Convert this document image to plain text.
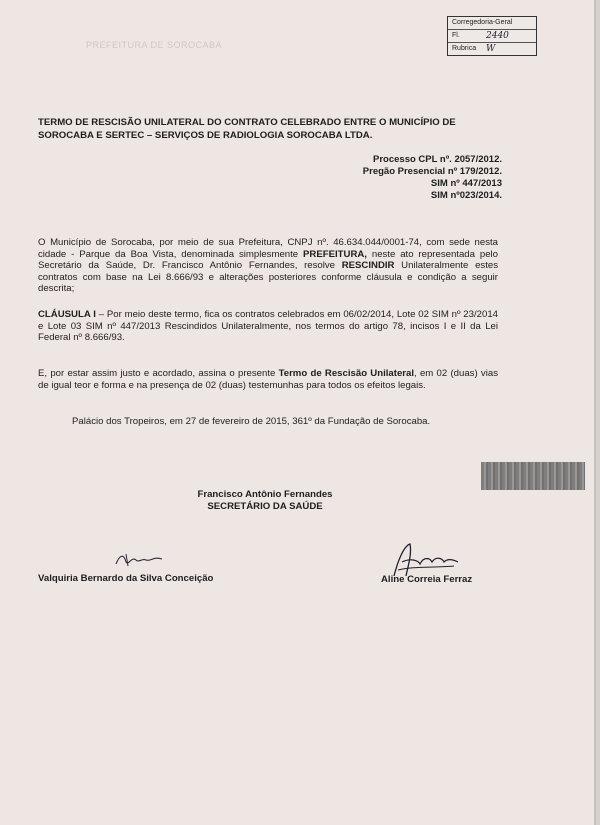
PREFEITURA DE SOROCABA
Corregedoria-Geral
Fl.	2440
Rubrica W
TERMO DE RESCISÃO UNILATERAL DO CONTRATO CELEBRADO ENTRE O MUNICÍPIO DE SOROCABA E SERTEC – SERVIÇOS DE RADIOLOGIA SOROCABA LTDA.
Processo CPL nº. 2057/2012.
Pregão Presencial nº 179/2012.
SIM nº 447/2013
SIM nº023/2014.
O Município de Sorocaba, por meio de sua Prefeitura, CNPJ nº. 46.634.044/0001-74, com sede nesta cidade - Parque da Boa Vista, denominada simplesmente PREFEITURA, neste ato representada pelo Secretário da Saúde, Dr. Francisco Antônio Fernandes, resolve RESCINDIR Unilateralmente estes contratos com base na Lei 8.666/93 e alterações posteriores conforme cláusula e condição a seguir descrita;
CLÁUSULA I – Por meio deste termo, fica os contratos celebrados em 06/02/2014, Lote 02 SIM nº 23/2014 e Lote 03 SIM nº 447/2013 Rescindidos Unilateralmente, nos termos do artigo 78, incisos I e II da Lei Federal nº 8.666/93.
E, por estar assim justo e acordado, assina o presente Termo de Rescisão Unilateral, em 02 (duas) vias de igual teor e forma e na presença de 02 (duas) testemunhas para todos os efeitos legais.
Palácio dos Tropeiros, em 27 de fevereiro de 2015, 361º da Fundação de Sorocaba.
Francisco Antônio Fernandes
SECRETÁRIO DA SAÚDE
Valquiria Bernardo da Silva Conceição	Aline Correia Ferraz
